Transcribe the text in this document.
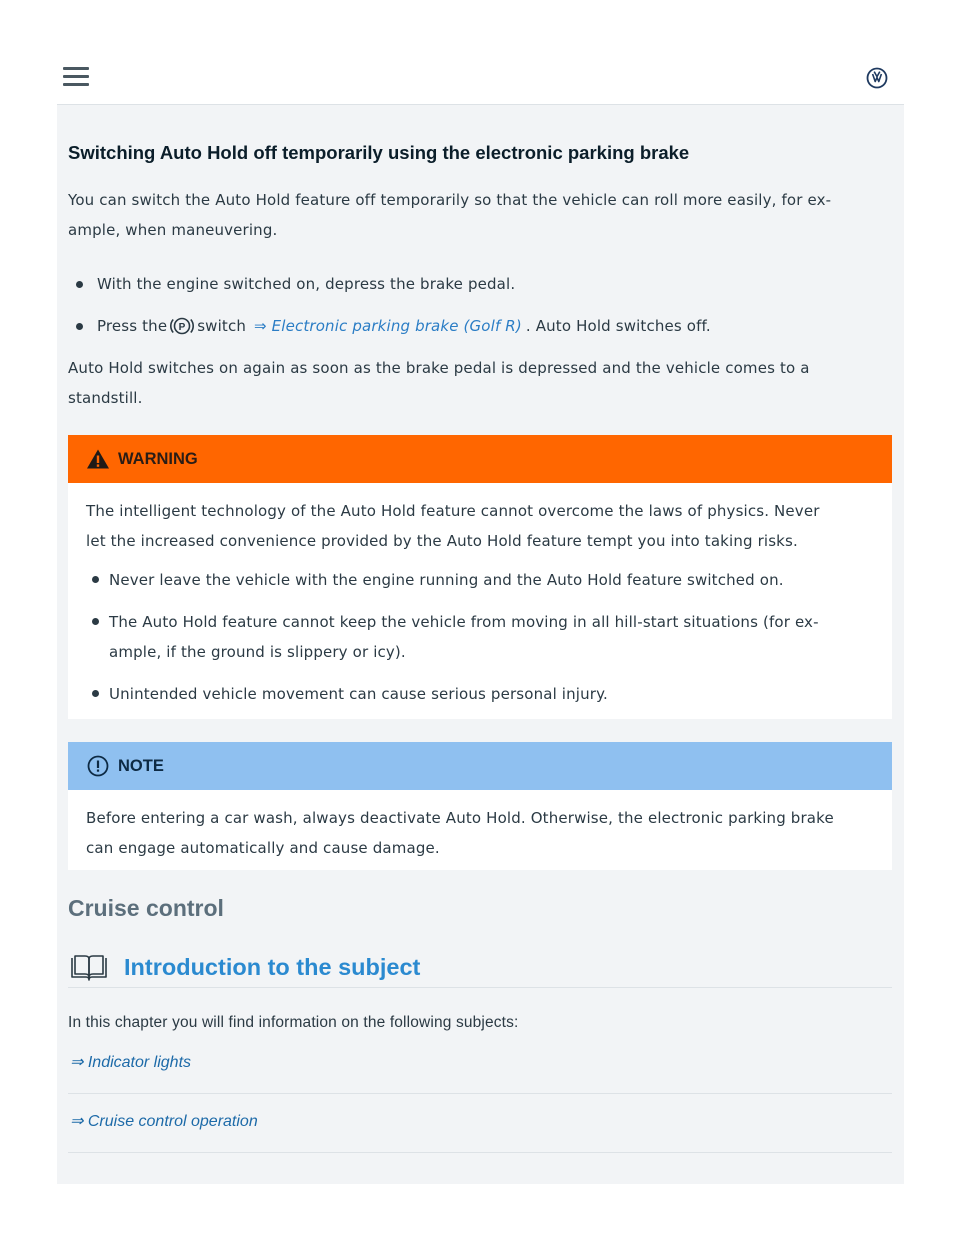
Switching Auto Hold off temporarily using the electronic parking brake

You can switch the Auto Hold feature off temporarily so that the vehicle can roll more easily, for ex-

ample, when maneuvering.

With the engine switched on, depress the brake pedal.
Press the P switch ⇒ Electronic parking brake (Golf R) . Auto Hold switches off.

Auto Hold switches on again as soon as the brake pedal is depressed and the vehicle comes to a

standstill.

WARNING

The intelligent technology of the Auto Hold feature cannot overcome the laws of physics. Never

let the increased convenience provided by the Auto Hold feature tempt you into taking risks.

Never leave the vehicle with the engine running and the Auto Hold feature switched on.
The Auto Hold feature cannot keep the vehicle from moving in all hill-start situations (for ex-
ample, if the ground is slippery or icy).
Unintended vehicle movement can cause serious personal injury.
NOTE

Before entering a car wash, always deactivate Auto Hold. Otherwise, the electronic parking brake

can engage automatically and cause damage.

Cruise control
Introduction to the subject

In this chapter you will find information on the following subjects:

⇒ Indicator lights
⇒ Cruise control operation
